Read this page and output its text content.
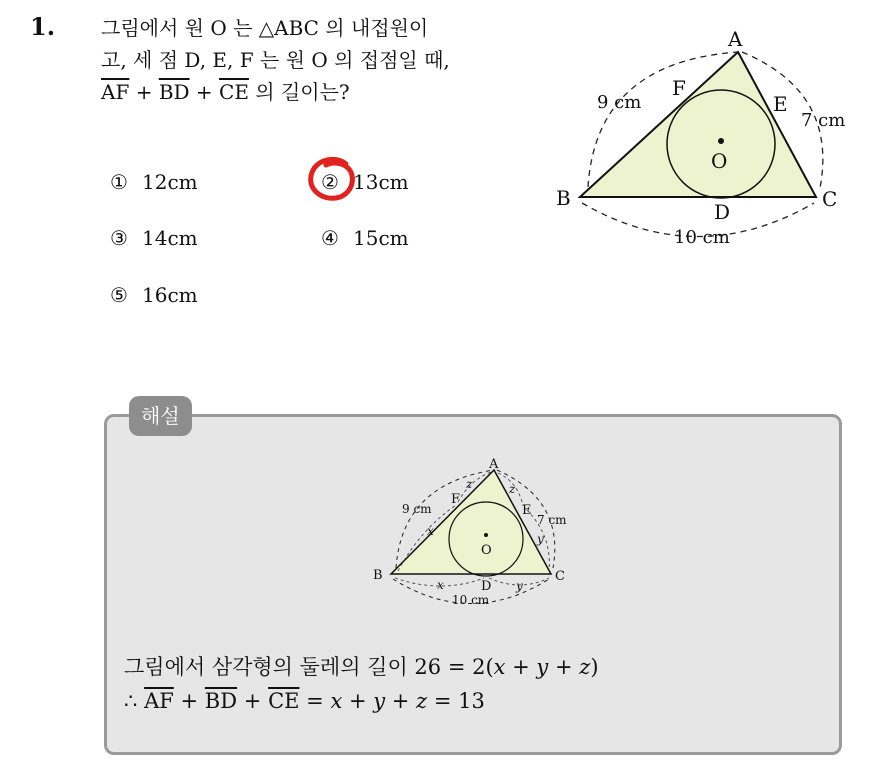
1. 그림에서 원 O 는 △ABC 의 내접원이
고, 세 점 D, E, F 는 원 O 의 접점일 때,
$\overline{AF} + \overline{BD} + \overline{CE}$ 의 길이는?
① 12cm	② 13cm
③ 14cm	④ 15cm
⑤ 16cm
A
B	C
D
E
F
O
9 cm
7 cm
10 cm
해설
A
B	C
D
E
F
O
9 cm
7 cm
10 cm
x
x	y
y
z	z
그림에서 삼각형의 둘레의 길이 26 = 2(x + y + z)
∴ $\overline{AF} + \overline{BD} + \overline{CE} = x + y + z = 13$
